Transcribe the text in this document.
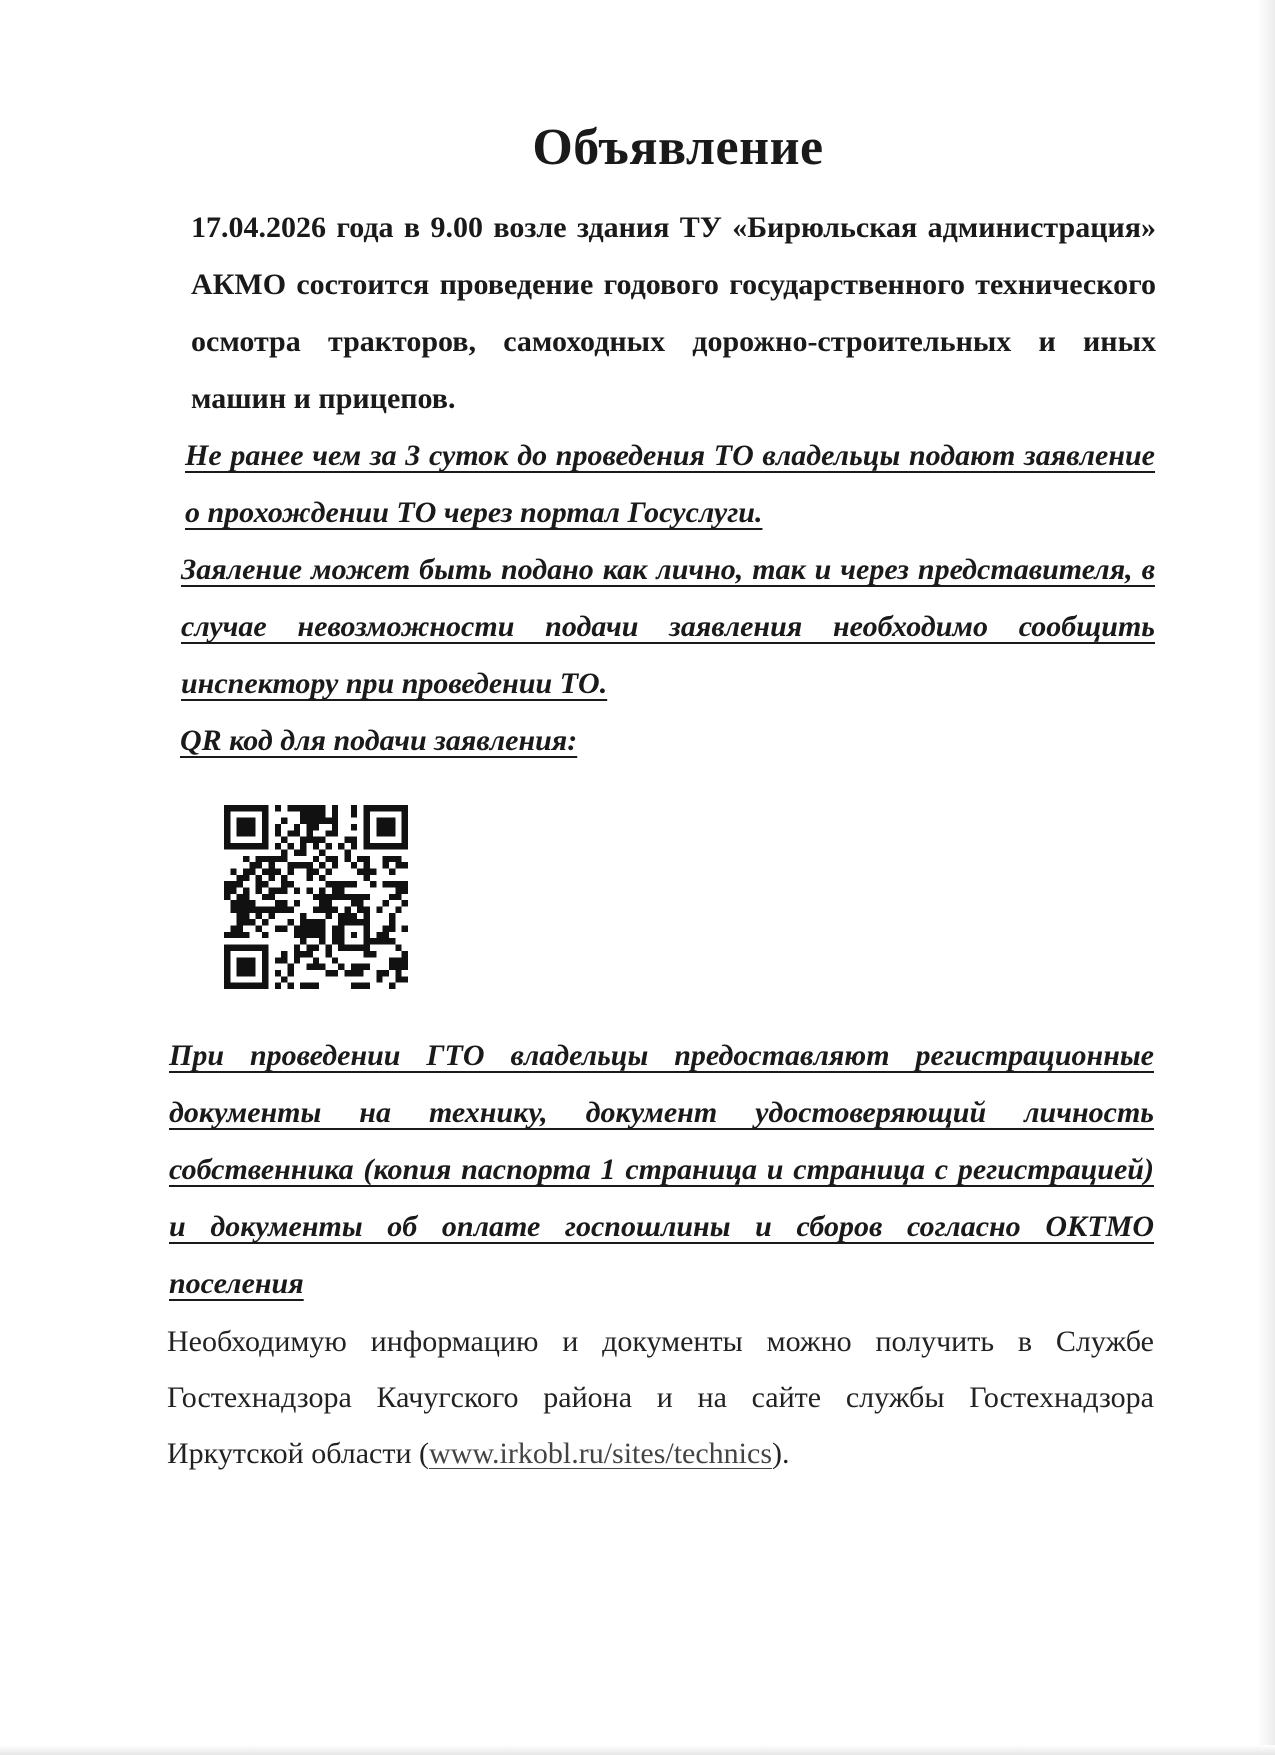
Объявление

17.04.2026 года в 9.00 возле здания ТУ «Бирюльская администрация» АКМО состоится проведение годового государственного технического осмотра тракторов, самоходных дорожно-строительных и иных машин и прицепов.

Не ранее чем за 3 суток до проведения ТО владельцы подают заявление о прохождении ТО через портал Госуслуги.

Заяление может быть подано как лично, так и через представителя, в случае невозможности подачи заявления необходимо сообщить инспектору при проведении ТО.

QR код для подачи заявления:

При проведении ГТО владельцы предоставляют регистрационные документы на технику, документ удостоверяющий личность собственника (копия паспорта 1 страница и страница с регистрацией) и документы об оплате госпошлины и сборов согласно ОКТМО поселения

Необходимую информацию и документы можно получить в Службе Гостехнадзора Качугского района и на сайте службы Гостехнадзора Иркутской области (www.irkobl.ru/sites/technics).
